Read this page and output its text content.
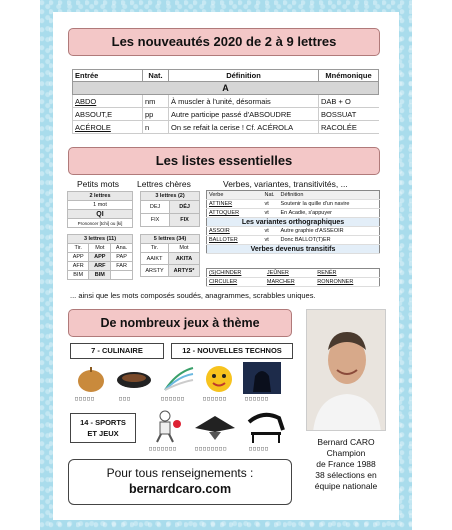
Les nouveautés 2020 de 2 à 9 lettres
Entrée	Nat.	Définition	Mnémonique
A			
ABDO	nm	À muscler à l'unité, désormais	DAB + O
ABSOUT,E	pp	Autre participe passé d'ABSOUDRE	BOSSUAT
ACÉROLE	n	On se refait la cerise ! Cf. ACÉROLA	RACOLÉE
Les listes essentielles
Petits mots Lettres chères	Verbes, variantes, transitivités, ...
2 lettres
1 mot
QI
Prononcer [tchi] ou [ki]
3 lettres (11)		
Tir.	Mot	Ana.
APP	APP	PAP
AFR	ARF	FAR
BIM	BIM	
3 lettres (2)	
DEJ	DÉJ
FIX	FIX
5 lettres (34)	
Tir.	Mot
AAIKT	AKITA
ARSTY	ARTYS*
Verbe	Nat.	Définition
ATTINER	vt	Soutenir la quille d'un navire
ATTOQUER	vt	En Acadie, s'appuyer
Les variantes orthographiques		
ASSOIR	vt	Autre graphie d'ASSEOIR
BALLOTER	vt	Donc BALLOT(T)ER
Verbes devenus transitifs		
(S)CHINDER	JEÛNER	RENÉR
CIRCULER	MARCHER	RONRONNER
... ainsi que les mots composés soudés, anagrammes, scrabbles uniques.
De nombreux jeux à thème
7 - CULINAIRE	12 - NOUVELLES TECHNOS
□□□□□	□□□	□□□□□□	□□□□□□	□□□□□□
14 - SPORTS
ET JEUX
□□□□□□□	□□□□□□□□	□□□□□
Bernard CARO
Champion
de France 1988
38 sélections en
équipe nationale
Pour tous renseignements :
bernardcaro.com
